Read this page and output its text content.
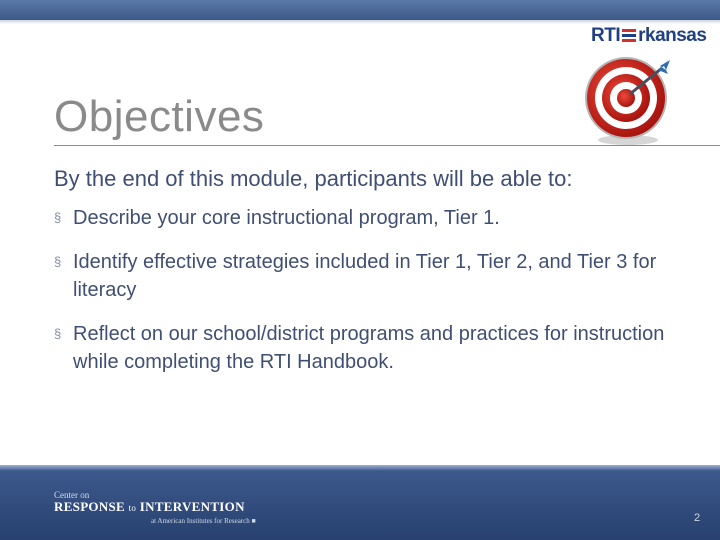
RTI rkansas
Objectives
By the end of this module, participants will be able to:
§ Describe your core instructional program, Tier 1.
§ Identify effective strategies included in Tier 1, Tier 2, and Tier 3 for literacy
§ Reflect on our school/district programs and practices for instruction while completing the RTI Handbook.
Center on
RESPONSE to INTERVENTION
at American Institutes for Research ■	2
